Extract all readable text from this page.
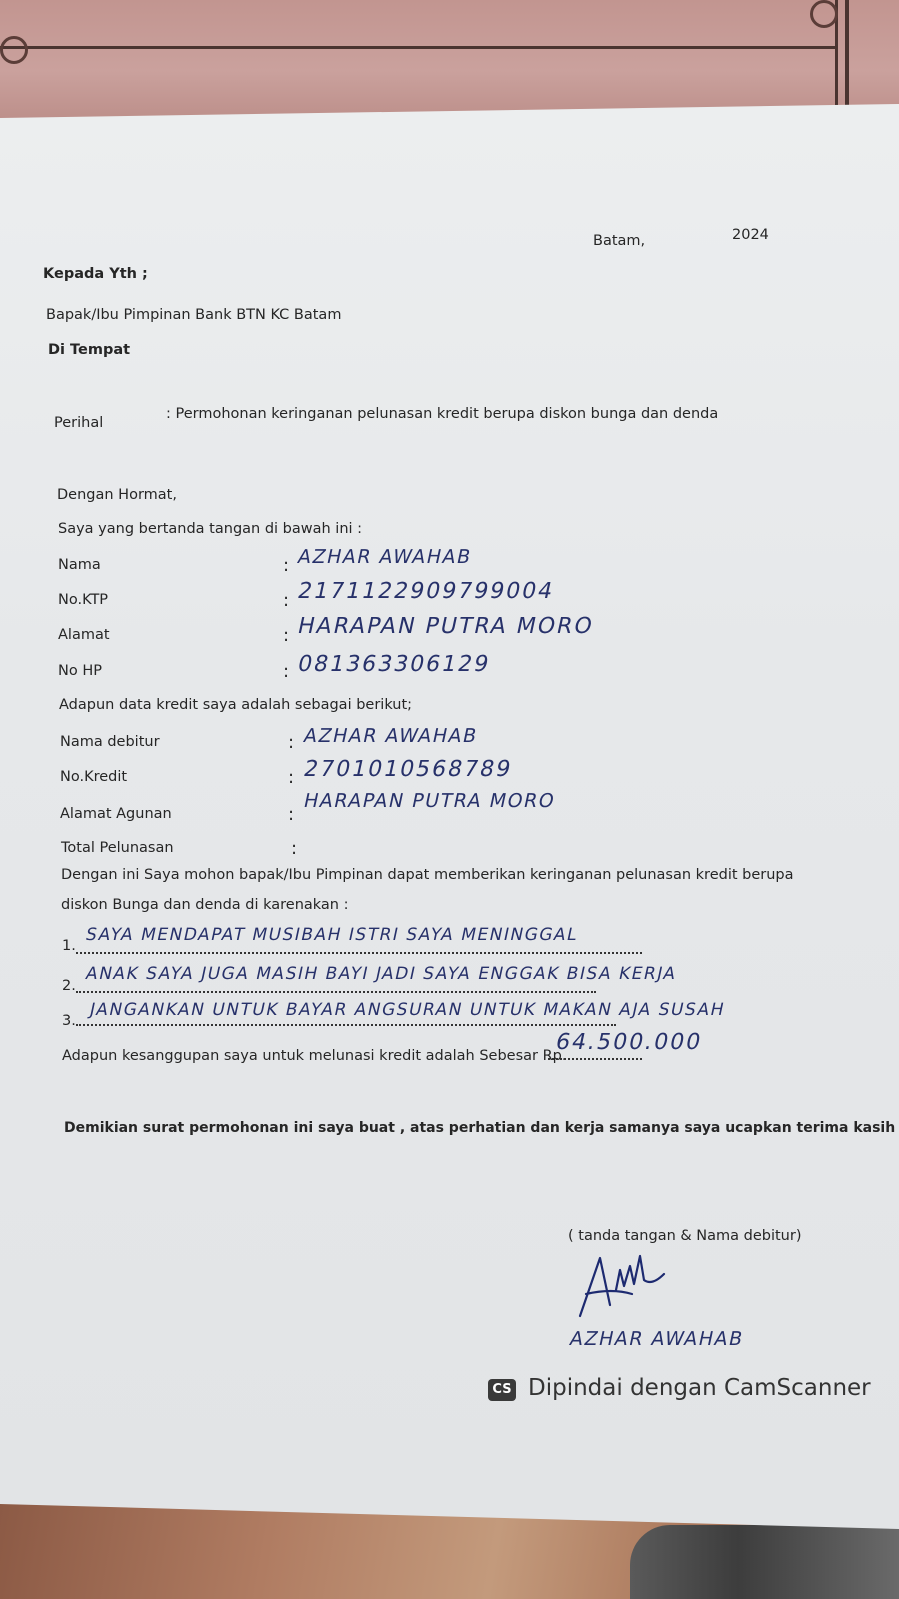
Batam,	2024
Kepada Yth ;
Bapak/Ibu Pimpinan Bank BTN KC Batam
Di Tempat
Perihal
: Permohonan keringanan pelunasan kredit berupa diskon bunga dan denda
Dengan Hormat,
Saya yang bertanda tangan di bawah ini :
Nama	: AZHAR AWAHAB
No.KTP	: 2171122909799004
Alamat	: HARAPAN PUTRA MORO
No HP	: 081363306129
Adapun data kredit saya adalah sebagai berikut;
Nama debitur	: AZHAR AWAHAB
No.Kredit	: 2701010568789
Alamat Agunan	:
HARAPAN PUTRA MORO
Total Pelunasan	:
Dengan ini Saya mohon bapak/Ibu Pimpinan dapat memberikan keringanan pelunasan kredit berupa
diskon Bunga dan denda di karenakan :
1.
SAYA MENDAPAT MUSIBAH ISTRI SAYA MENINGGAL
2.
ANAK SAYA JUGA MASIH BAYI JADI SAYA ENGGAK BISA KERJA
3.
JANGANKAN UNTUK BAYAR ANGSURAN UNTUK MAKAN AJA SUSAH
Adapun kesanggupan saya untuk melunasi kredit adalah Sebesar Rp.
64.500.000
Demikian surat permohonan ini saya buat , atas perhatian dan kerja samanya saya ucapkan terima kasih
( tanda tangan & Nama debitur)
AZHAR AWAHAB
CS Dipindai dengan CamScanner
